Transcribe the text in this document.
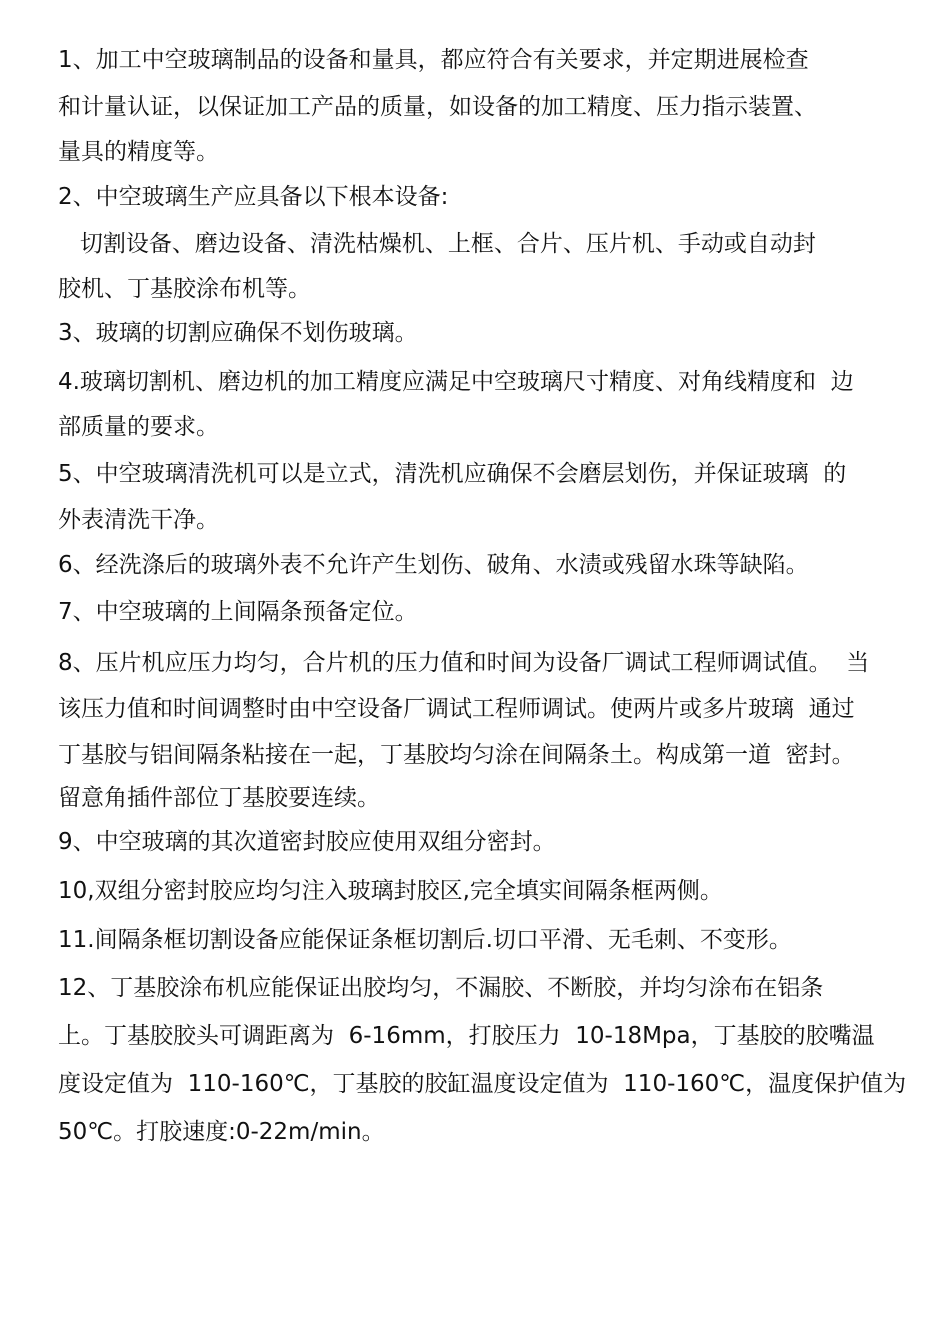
1、加工中空玻璃制品的设备和量具，都应符合有关要求，并定期进展检查
和计量认证，以保证加工产品的质量，如设备的加工精度、压力指示装置、
量具的精度等。
2、中空玻璃生产应具备以下根本设备:
切割设备、磨边设备、清洗枯燥机、上框、合片、压片机、手动或自动封
胶机、丁基胶涂布机等。
3、玻璃的切割应确保不划伤玻璃。
4.玻璃切割机、磨边机的加工精度应满足中空玻璃尺寸精度、对角线精度和  边
部质量的要求。
5、中空玻璃清洗机可以是立式，清洗机应确保不会磨层划伤，并保证玻璃  的
外表清洗干净。
6、经洗涤后的玻璃外表不允许产生划伤、破角、水渍或残留水珠等缺陷。
7、中空玻璃的上间隔条预备定位。
8、压片机应压力均匀，合片机的压力值和时间为设备厂调试工程师调试值。  当
该压力值和时间调整时由中空设备厂调试工程师调试。使两片或多片玻璃  通过
丁基胶与铝间隔条粘接在一起，丁基胶均匀涂在间隔条土。构成第一道  密封。
留意角插件部位丁基胶要连续。
9、中空玻璃的其次道密封胶应使用双组分密封。
10,双组分密封胶应均匀注入玻璃封胶区,完全填实间隔条框两侧。
11.间隔条框切割设备应能保证条框切割后.切口平滑、无毛刺、不变形。
12、丁基胶涂布机应能保证出胶均匀，不漏胶、不断胶，并均匀涂布在铝条
上。丁基胶胶头可调距离为  6-16mm，打胶压力  10-18Mpa，丁基胶的胶嘴温
度设定值为  110-160℃，丁基胶的胶缸温度设定值为  110-160℃，温度保护值为
50℃。打胶速度:0-22m/min。
